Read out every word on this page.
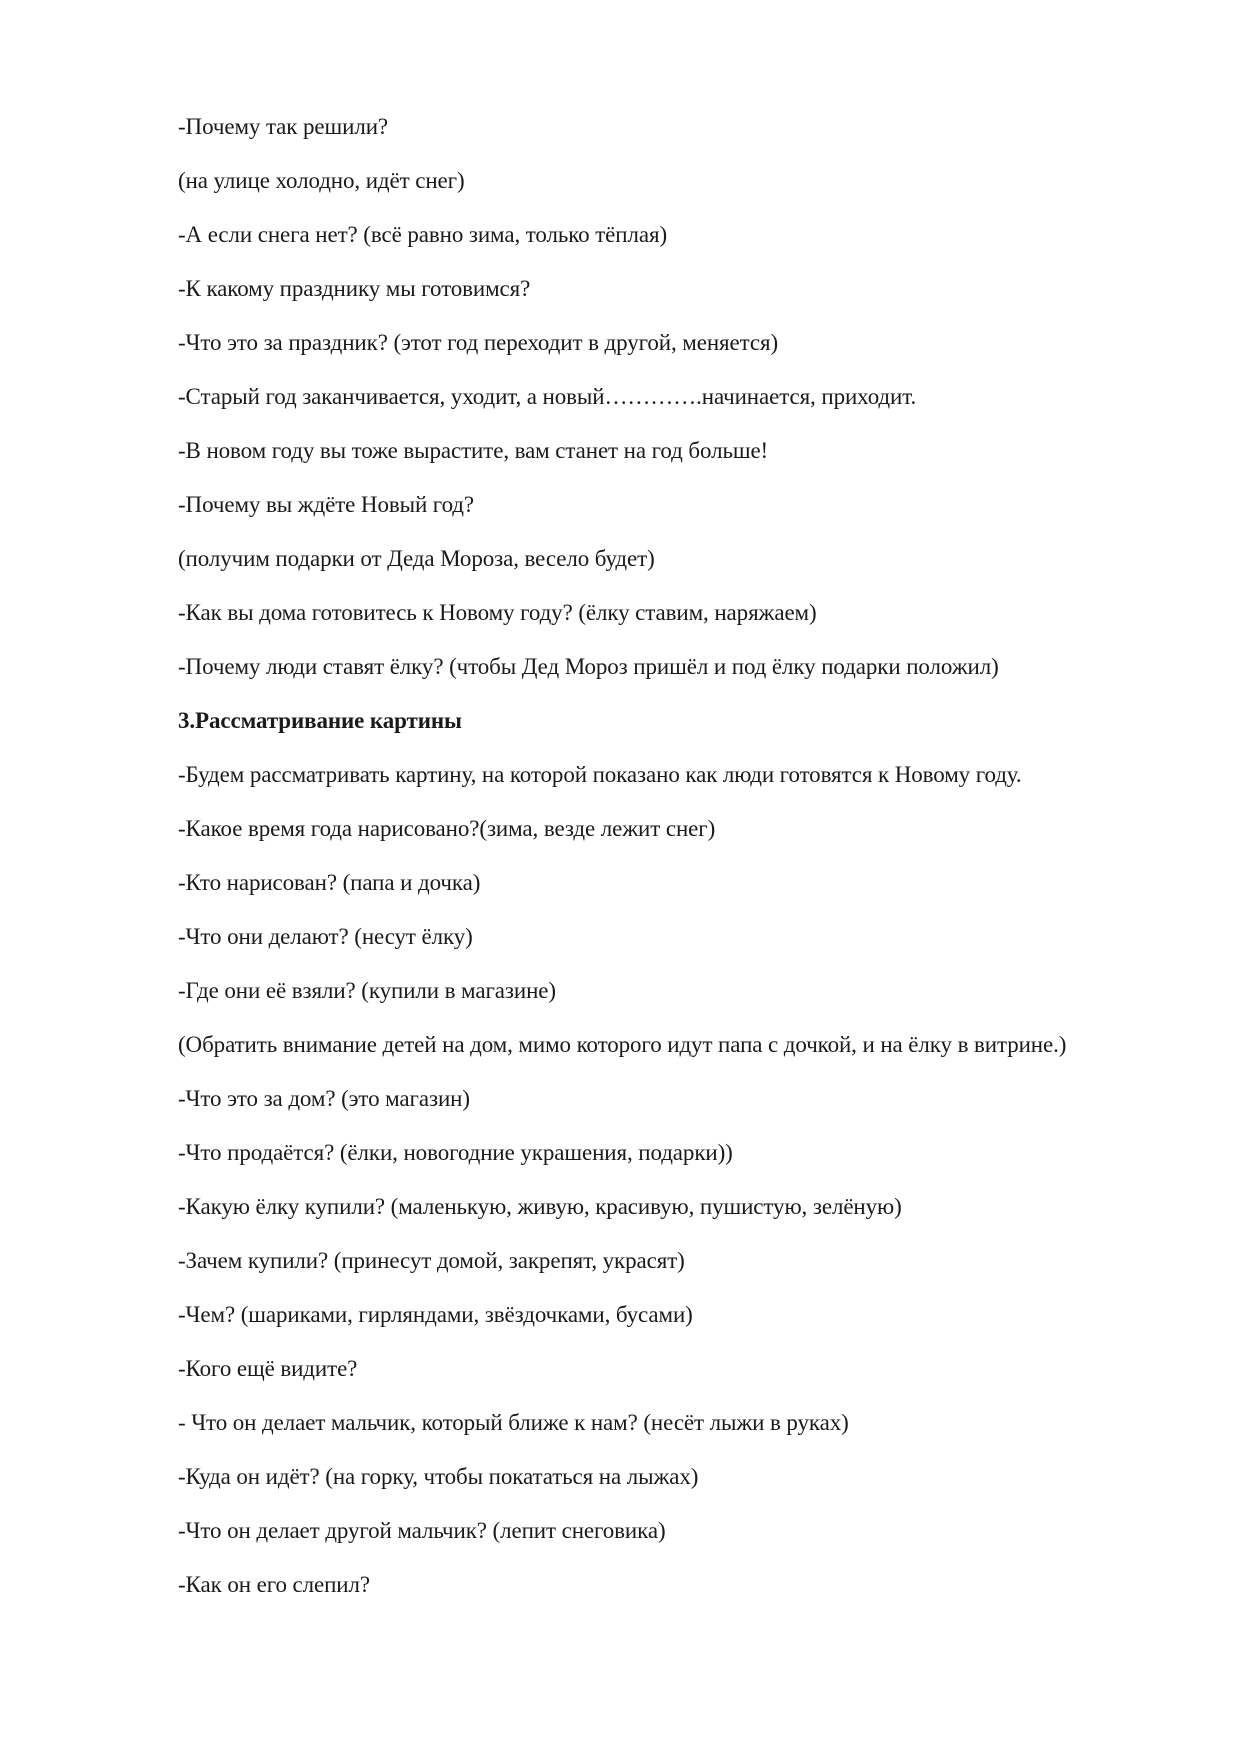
-Почему так решили?
(на улице холодно, идёт снег)
-А если снега нет? (всё равно зима, только тёплая)
-К какому празднику мы готовимся?
-Что это за праздник? (этот год переходит в другой, меняется)
-Старый год заканчивается, уходит, а новый………….начинается, приходит.
-В новом году вы тоже вырастите, вам станет на год больше!
-Почему вы ждёте Новый год?
(получим подарки от Деда Мороза, весело будет)
-Как вы дома готовитесь к Новому году? (ёлку ставим, наряжаем)
-Почему люди ставят ёлку? (чтобы Дед Мороз пришёл и под ёлку подарки положил)
3.Рассматривание картины
-Будем рассматривать картину, на которой показано как люди готовятся к Новому году.
-Какое время года нарисовано?(зима, везде лежит снег)
-Кто нарисован? (папа и дочка)
-Что они делают? (несут ёлку)
-Где они её взяли? (купили в магазине)
(Обратить внимание детей на дом, мимо которого идут папа с дочкой, и на ёлку в витрине.)
-Что это за дом? (это магазин)
-Что продаётся? (ёлки, новогодние украшения, подарки))
-Какую ёлку купили? (маленькую, живую, красивую, пушистую, зелёную)
-Зачем купили? (принесут домой, закрепят, украсят)
-Чем? (шариками, гирляндами, звёздочками, бусами)
-Кого ещё видите?
- Что он делает мальчик, который ближе к нам? (несёт лыжи в руках)
-Куда он идёт? (на горку, чтобы покататься на лыжах)
-Что он делает другой мальчик? (лепит снеговика)
-Как он его слепил?
